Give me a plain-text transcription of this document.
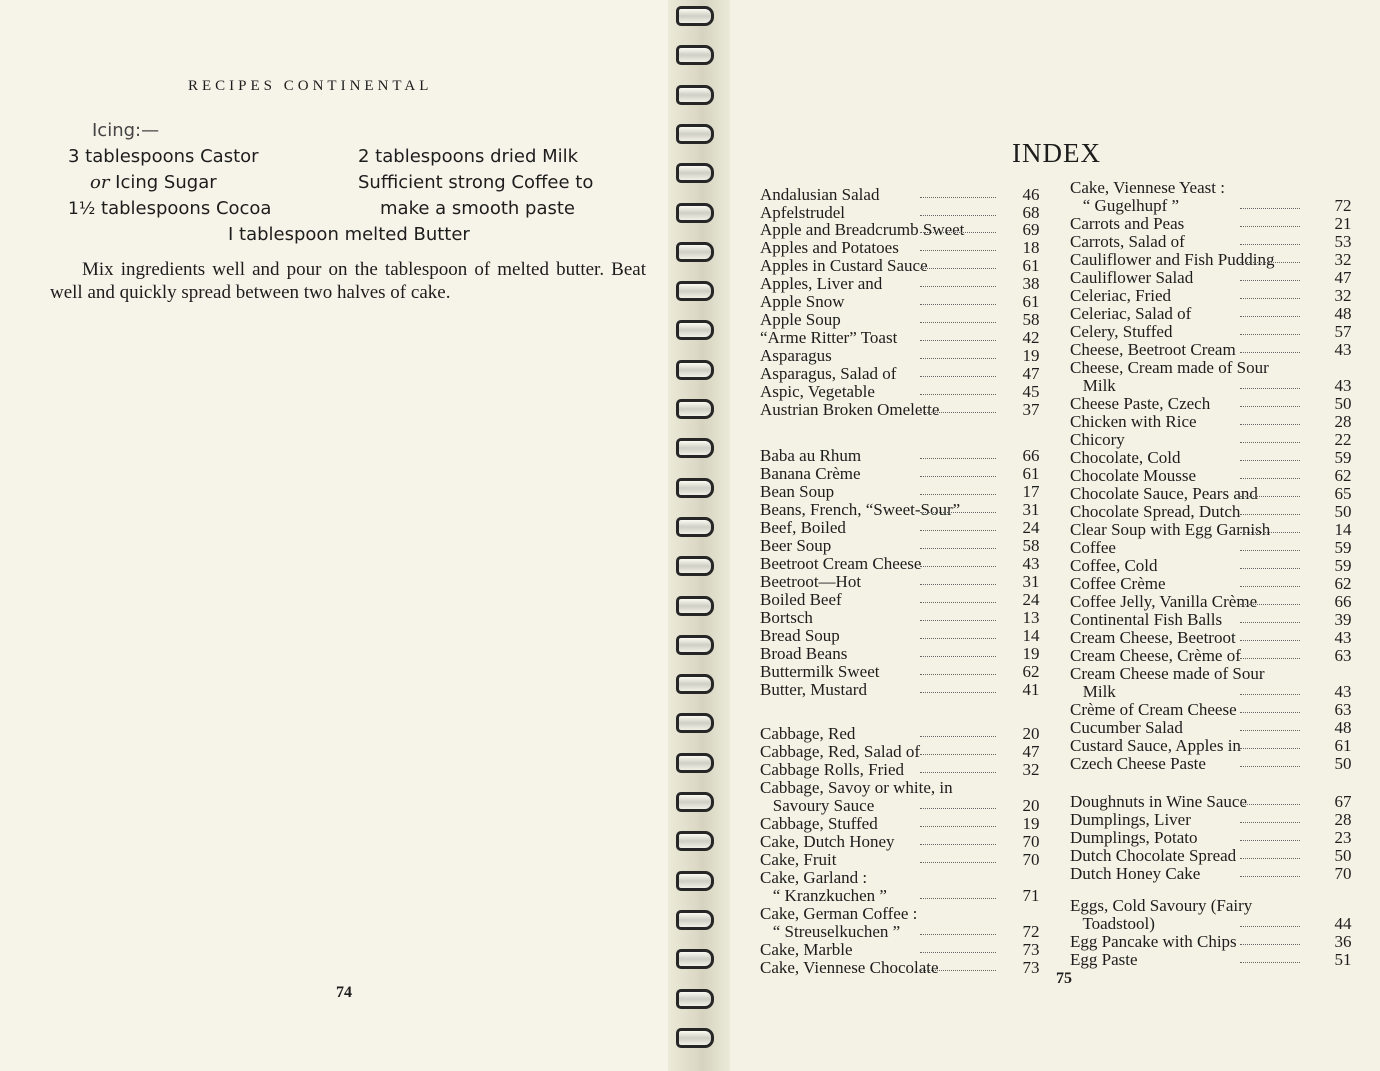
RECIPES CONTINENTAL
Icing:—
3 tablespoons Castor
or Icing Sugar
1½ tablespoons Cocoa
2 tablespoons dried Milk
Sufficient strong Coffee to
make a smooth paste
I tablespoon melted Butter

Mix ingredients well and pour on the tablespoon of melted butter. Beat well and quickly spread between two halves of cake.

74
INDEX
Andalusian Salad	46
Apfelstrudel	68
Apple and Breadcrumb Sweet	69
Apples and Potatoes	18
Apples in Custard Sauce	61
Apples, Liver and	38
Apple Snow	61
Apple Soup	58
“Arme Ritter” Toast	42
Asparagus	19
Asparagus, Salad of	47
Aspic, Vegetable	45
Austrian Broken Omelette	37
Baba au Rhum	66
Banana Crème	61
Bean Soup	17
Beans, French, “Sweet-Sour”	31
Beef, Boiled	24
Beer Soup	58
Beetroot Cream Cheese	43
Beetroot—Hot	31
Boiled Beef	24
Bortsch	13
Bread Soup	14
Broad Beans	19
Buttermilk Sweet	62
Butter, Mustard	41
Cabbage, Red	20
Cabbage, Red, Salad of	47
Cabbage Rolls, Fried	32
Cabbage, Savoy or white, in
Savoury Sauce	20
Cabbage, Stuffed	19
Cake, Dutch Honey	70
Cake, Fruit	70
Cake, Garland :
“ Kranzkuchen ”	71
Cake, German Coffee :
“ Streuselkuchen ”	72
Cake, Marble	73
Cake, Viennese Chocolate	73
Cake, Viennese Yeast :
“ Gugelhupf ”	72
Carrots and Peas	21
Carrots, Salad of	53
Cauliflower and Fish Pudding	32
Cauliflower Salad	47
Celeriac, Fried	32
Celeriac, Salad of	48
Celery, Stuffed	57
Cheese, Beetroot Cream	43
Cheese, Cream made of Sour
Milk	43
Cheese Paste, Czech	50
Chicken with Rice	28
Chicory	22
Chocolate, Cold	59
Chocolate Mousse	62
Chocolate Sauce, Pears and	65
Chocolate Spread, Dutch	50
Clear Soup with Egg Garnish	14
Coffee	59
Coffee, Cold	59
Coffee Crème	62
Coffee Jelly, Vanilla Crème	66
Continental Fish Balls	39
Cream Cheese, Beetroot	43
Cream Cheese, Crème of	63
Cream Cheese made of Sour
Milk	43
Crème of Cream Cheese	63
Cucumber Salad	48
Custard Sauce, Apples in	61
Czech Cheese Paste	50
Doughnuts in Wine Sauce	67
Dumplings, Liver	28
Dumplings, Potato	23
Dutch Chocolate Spread	50
Dutch Honey Cake	70
Eggs, Cold Savoury (Fairy
Toadstool)	44
Egg Pancake with Chips	36
Egg Paste	51
75
